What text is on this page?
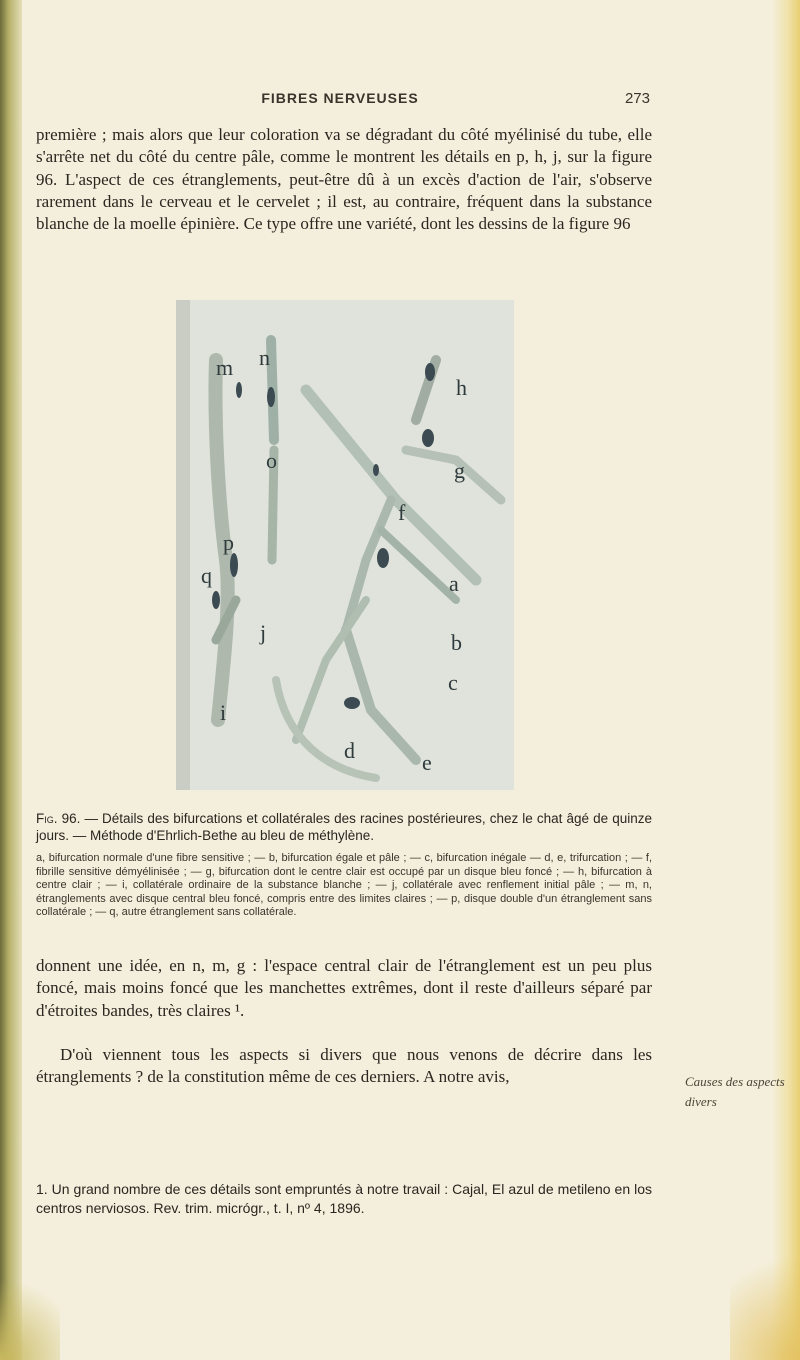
FIBRES NERVEUSES	273

première ; mais alors que leur coloration va se dégradant du côté myélinisé du tube, elle s'arrête net du côté du centre pâle, comme le montrent les détails en p, h, j, sur la figure 96. L'aspect de ces étranglements, peut-être dû à un excès d'action de l'air, s'observe rarement dans le cerveau et le cervelet ; il est, au contraire, fréquent dans la substance blanche de la moelle épinière. Ce type offre une variété, dont les dessins de la figure 96

n
m
h
o	g
f
p
q	a
j	b
c
i
d	e

Fig. 96. — Détails des bifurcations et collatérales des racines postérieures, chez le chat âgé de quinze jours. — Méthode d'Ehrlich-Bethe au bleu de méthylène.

a, bifurcation normale d'une fibre sensitive ; — b, bifurcation égale et pâle ; — c, bifurcation inégale — d, e, trifurcation ; — f, fibrille sensitive démyélinisée ; — g, bifurcation dont le centre clair est occupé par un disque bleu foncé ; — h, bifurcation à centre clair ; — i, collatérale ordinaire de la substance blanche ; — j, collatérale avec renflement initial pâle ; — m, n, étranglements avec disque central bleu foncé, compris entre des limites claires ; — p, disque double d'un étranglement sans collatérale ; — q, autre étranglement sans collatérale.

donnent une idée, en n, m, g : l'espace central clair de l'étranglement est un peu plus foncé, mais moins foncé que les manchettes extrêmes, dont il reste d'ailleurs séparé par d'étroites bandes, très claires ¹.

D'où viennent tous les aspects si divers que nous venons de décrire dans les étranglements ? de la constitution même de ces derniers. A notre avis,	Causes des aspects divers

1. Un grand nombre de ces détails sont empruntés à notre travail : Cajal, El azul de metileno en los centros nerviosos. Rev. trim. micrógr., t. I, nº 4, 1896.
